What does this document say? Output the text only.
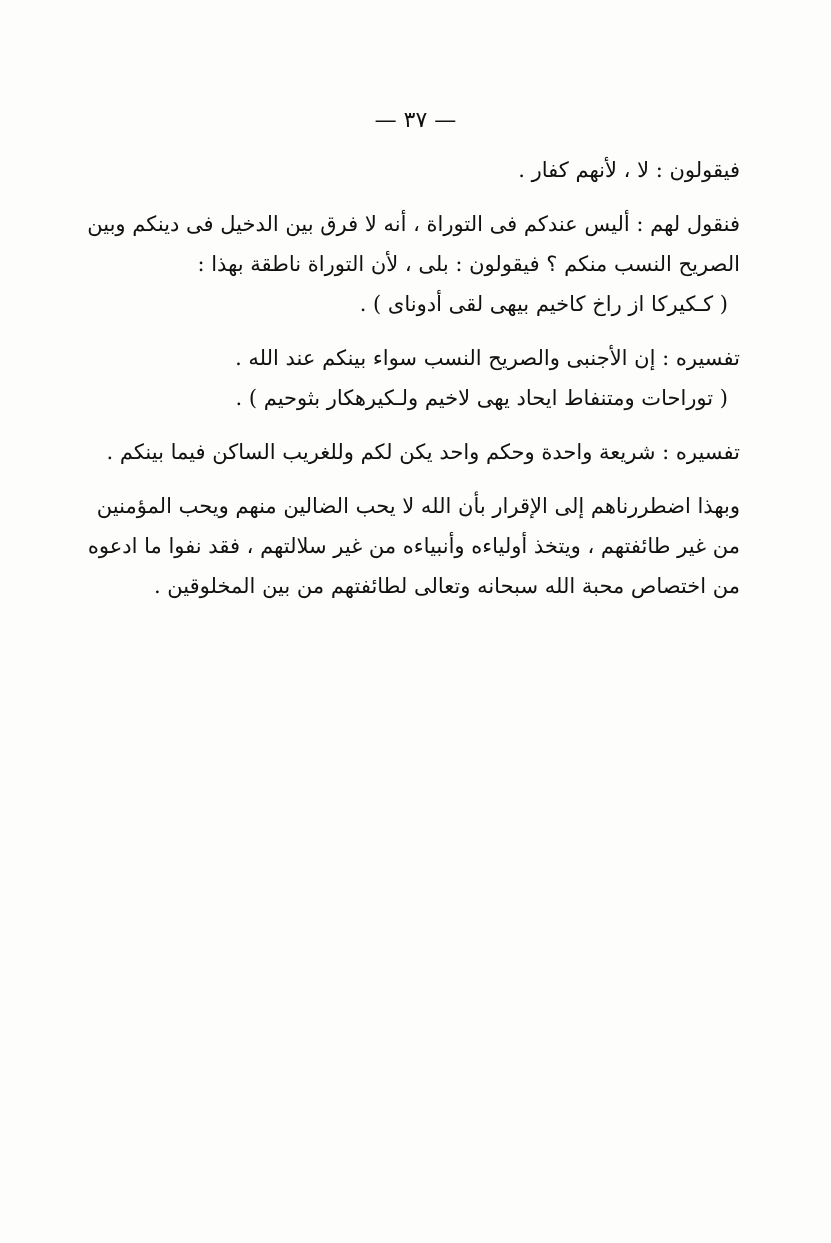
— ٣٧ —
فيقولون : لا ، لأنهم كفار .
فنقول لهم : أليس عندكم فى التوراة ، أنه لا فرق بين الدخيل فى دينكم وبين
الصريح النسب منكم ؟ فيقولون : بلى ، لأن التوراة ناطقة بهذا :
( كـكيركا از راخ كاخيم بيهى لقى أدوناى ) .
تفسيره : إن الأجنبى والصريح النسب سواء بينكم عند الله .
( توراحات ومتنفاط ايحاد يهى لاخيم ولـكيرهكار بثوحيم ) .
تفسيره : شريعة واحدة وحكم واحد يكن لكم وللغريب الساكن فيما بينكم .
وبهذا اضطررناهم إلى الإقرار بأن الله لا يحب الضالين منهم ويحب المؤمنين
من غير طائفتهم ، ويتخذ أولياءه وأنبياءه من غير سلالتهم ، فقد نفوا ما ادعوه
من اختصاص محبة الله سبحانه وتعالى لطائفتهم من بين المخلوقين .
